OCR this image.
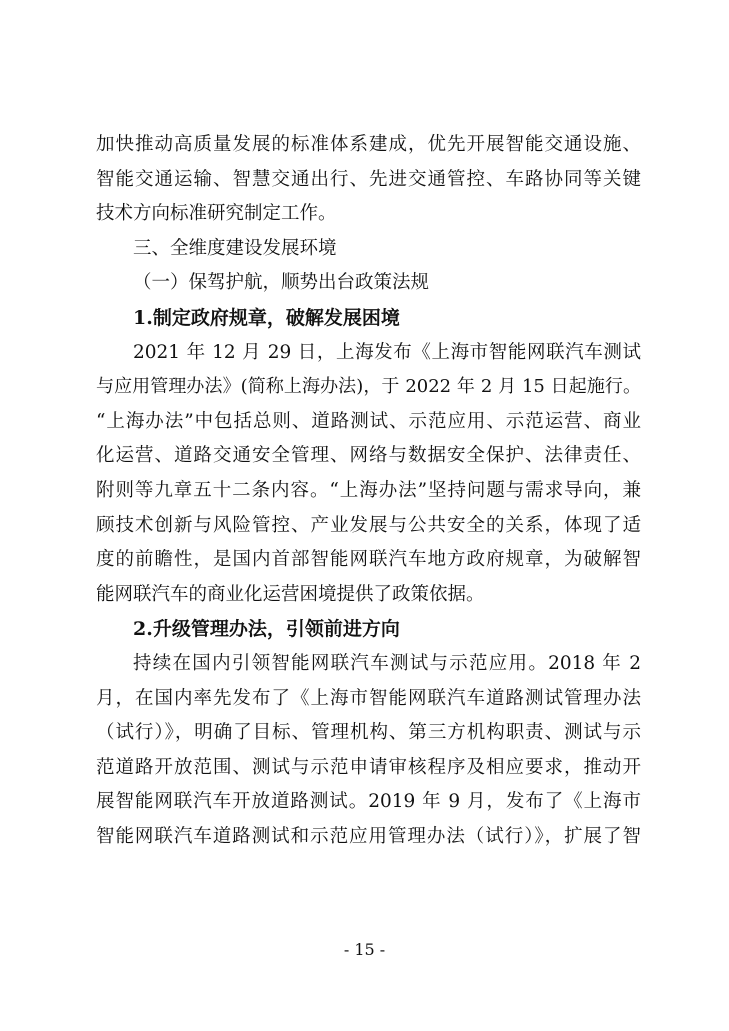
加快推动高质量发展的标准体系建成，优先开展智能交通设施、
智能交通运输、智慧交通出行、先进交通管控、车路协同等关键
技术方向标准研究制定工作。
三、全维度建设发展环境
（一）保驾护航，顺势出台政策法规
1.制定政府规章，破解发展困境
2021 年 12 月 29 日，上海发布《上海市智能网联汽车测试
与应用管理办法》(简称上海办法)，于 2022 年 2 月 15 日起施行。
“上海办法”中包括总则、道路测试、示范应用、示范运营、商业
化运营、道路交通安全管理、网络与数据安全保护、法律责任、
附则等九章五十二条内容。“上海办法”坚持问题与需求导向，兼
顾技术创新与风险管控、产业发展与公共安全的关系，体现了适
度的前瞻性，是国内首部智能网联汽车地方政府规章，为破解智
能网联汽车的商业化运营困境提供了政策依据。
2.升级管理办法，引领前进方向
持续在国内引领智能网联汽车测试与示范应用。2018 年 2
月，在国内率先发布了《上海市智能网联汽车道路测试管理办法
（试行）》，明确了目标、管理机构、第三方机构职责、测试与示
范道路开放范围、测试与示范申请审核程序及相应要求，推动开
展智能网联汽车开放道路测试。2019 年 9 月，发布了《上海市
智能网联汽车道路测试和示范应用管理办法（试行）》，扩展了智
- 15 -
